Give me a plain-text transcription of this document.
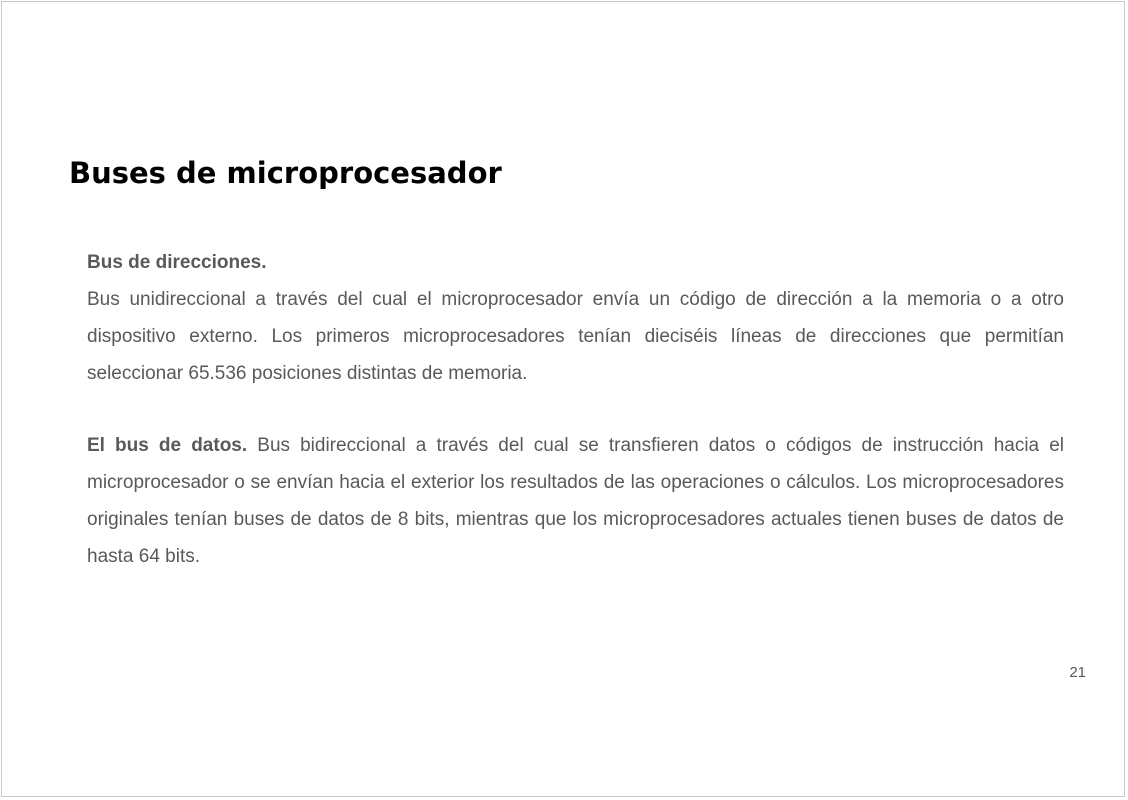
Buses de microprocesador

Bus de direcciones.
Bus unidireccional a través del cual el microprocesador envía un código de dirección a la memoria o a otro dispositivo externo. Los primeros microprocesadores tenían dieciséis líneas de direcciones que permitían seleccionar 65.536 posiciones distintas de memoria.

El bus de datos. Bus bidireccional a través del cual se transfieren datos o códigos de instrucción hacia el microprocesador o se envían hacia el exterior los resultados de las operaciones o cálculos. Los microprocesadores originales tenían buses de datos de 8 bits, mientras que los microprocesadores actuales tienen buses de datos de hasta 64 bits.

21
